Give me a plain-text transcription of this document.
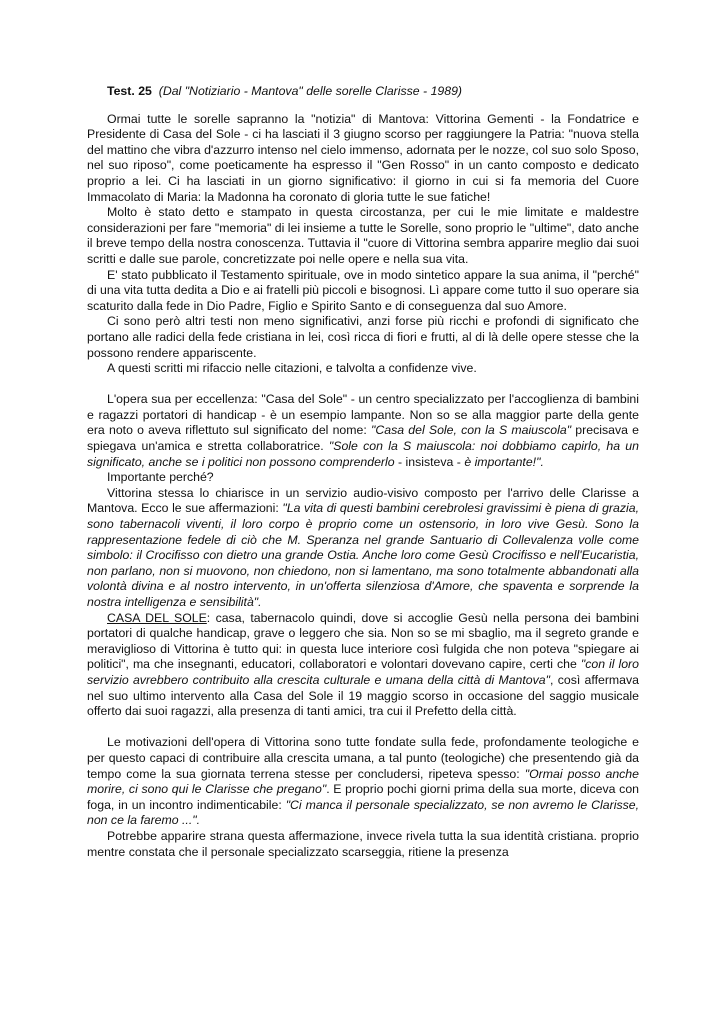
Test. 25 (Dal "Notiziario - Mantova" delle sorelle Clarisse - 1989)

Ormai tutte le sorelle sapranno la "notizia" di Mantova: Vittorina Gementi - la Fondatrice e Presidente di Casa del Sole - ci ha lasciati il 3 giugno scorso per raggiungere la Patria: "nuova stella del mattino che vibra d'azzurro intenso nel cielo immenso, adornata per le nozze, col suo solo Sposo, nel suo riposo", come poeticamente ha espresso il "Gen Rosso" in un canto composto e dedicato proprio a lei. Ci ha lasciati in un giorno significativo: il giorno in cui si fa memoria del Cuore Immacolato di Maria: la Madonna ha coronato di gloria tutte le sue fatiche!

Molto è stato detto e stampato in questa circostanza, per cui le mie limitate e maldestre considerazioni per fare "memoria" di lei insieme a tutte le Sorelle, sono proprio le "ultime", dato anche il breve tempo della nostra conoscenza. Tuttavia il "cuore di Vittorina sembra apparire meglio dai suoi scritti e dalle sue parole, concretizzate poi nelle opere e nella sua vita.

E' stato pubblicato il Testamento spirituale, ove in modo sintetico appare la sua anima, il "perché" di una vita tutta dedita a Dio e ai fratelli più piccoli e bisognosi. Lì appare come tutto il suo operare sia scaturito dalla fede in Dio Padre, Figlio e Spirito Santo e di conseguenza dal suo Amore.

Ci sono però altri testi non meno significativi, anzi forse più ricchi e profondi di significato che portano alle radici della fede cristiana in lei, così ricca di fiori e frutti, al di là delle opere stesse che la possono rendere appariscente.

A questi scritti mi rifaccio nelle citazioni, e talvolta a confidenze vive.

L'opera sua per eccellenza: "Casa del Sole" - un centro specializzato per l'accoglienza di bambini e ragazzi portatori di handicap - è un esempio lampante. Non so se alla maggior parte della gente era noto o aveva riflettuto sul significato del nome: "Casa del Sole, con la S maiuscola" precisava e spiegava un'amica e stretta collaboratrice. "Sole con la S maiuscola: noi dobbiamo capirlo, ha un significato, anche se i politici non possono comprenderlo - insisteva - è importante!".

Importante perché?

Vittorina stessa lo chiarisce in un servizio audio-visivo composto per l'arrivo delle Clarisse a Mantova. Ecco le sue affermazioni: "La vita di questi bambini cerebrolesi gravissimi è piena di grazia, sono tabernacoli viventi, il loro corpo è proprio come un ostensorio, in loro vive Gesù. Sono la rappresentazione fedele di ciò che M. Speranza nel grande Santuario di Collevalenza volle come simbolo: il Crocifisso con dietro una grande Ostia. Anche loro come Gesù Crocifisso e nell'Eucaristia, non parlano, non si muovono, non chiedono, non si lamentano, ma sono totalmente abbandonati alla volontà divina e al nostro intervento, in un'offerta silenziosa d'Amore, che spaventa e sorprende la nostra intelligenza e sensibilità".

CASA DEL SOLE: casa, tabernacolo quindi, dove si accoglie Gesù nella persona dei bambini portatori di qualche handicap, grave o leggero che sia. Non so se mi sbaglio, ma il segreto grande e meraviglioso di Vittorina è tutto qui: in questa luce interiore così fulgida che non poteva "spiegare ai politici", ma che insegnanti, educatori, collaboratori e volontari dovevano capire, certi che "con il loro servizio avrebbero contribuito alla crescita culturale e umana della città di Mantova", così affermava nel suo ultimo intervento alla Casa del Sole il 19 maggio scorso in occasione del saggio musicale offerto dai suoi ragazzi, alla presenza di tanti amici, tra cui il Prefetto della città.

Le motivazioni dell'opera di Vittorina sono tutte fondate sulla fede, profondamente teologiche e per questo capaci di contribuire alla crescita umana, a tal punto (teologiche) che presentendo già da tempo come la sua giornata terrena stesse per concludersi, ripeteva spesso: "Ormai posso anche morire, ci sono qui le Clarisse che pregano". E proprio pochi giorni prima della sua morte, diceva con foga, in un incontro indimenticabile: "Ci manca il personale specializzato, se non avremo le Clarisse, non ce la faremo ...".

Potrebbe apparire strana questa affermazione, invece rivela tutta la sua identità cristiana. proprio mentre constata che il personale specializzato scarseggia, ritiene la presenza
